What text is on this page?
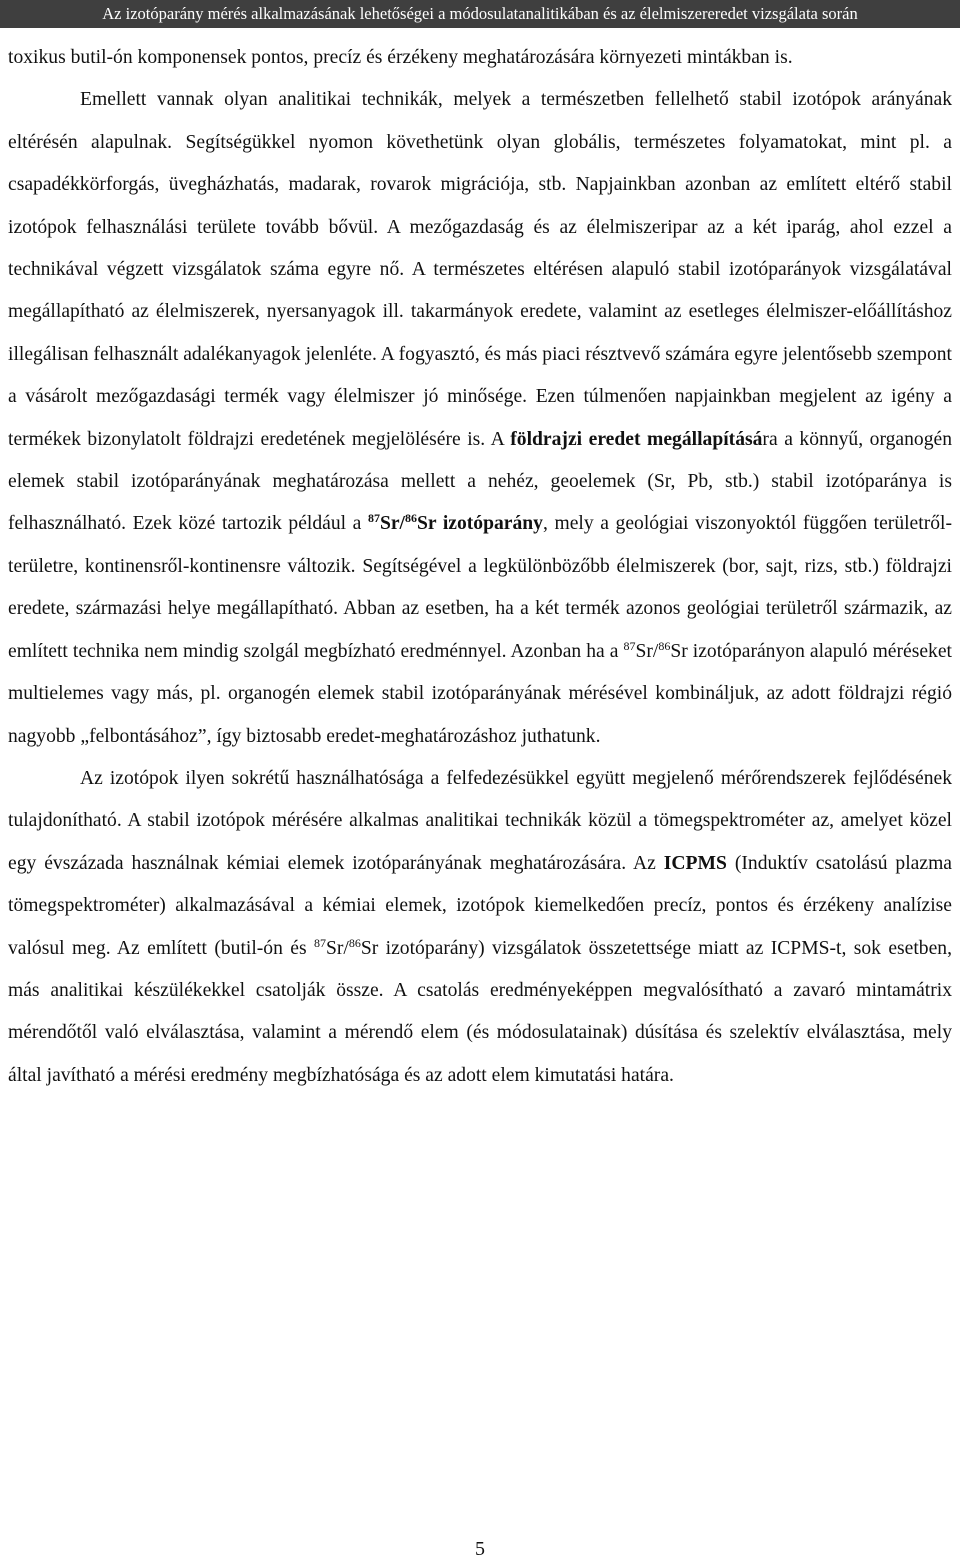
Az izotóparány mérés alkalmazásának lehetőségei a módosulatanalitikában és az élelmiszereredet vizsgálata során

toxikus butil-ón komponensek pontos, precíz és érzékeny meghatározására környezeti mintákban is.

Emellett vannak olyan analitikai technikák, melyek a természetben fellelhető stabil izotópok arányának eltérésén alapulnak. Segítségükkel nyomon követhetünk olyan globális, természetes folyamatokat, mint pl. a csapadékkörforgás, üvegházhatás, madarak, rovarok migrációja, stb. Napjainkban azonban az említett eltérő stabil izotópok felhasználási területe tovább bővül. A mezőgazdaság és az élelmiszeripar az a két iparág, ahol ezzel a technikával végzett vizsgálatok száma egyre nő. A természetes eltérésen alapuló stabil izotóparányok vizsgálatával megállapítható az élelmiszerek, nyersanyagok ill. takarmányok eredete, valamint az esetleges élelmiszer-előállításhoz illegálisan felhasznált adalékanyagok jelenléte. A fogyasztó, és más piaci résztvevő számára egyre jelentősebb szempont a vásárolt mezőgazdasági termék vagy élelmiszer jó minősége. Ezen túlmenően napjainkban megjelent az igény a termékek bizonylatolt földrajzi eredetének megjelölésére is. A földrajzi eredet megállapítására a könnyű, organogén elemek stabil izotóparányának meghatározása mellett a nehéz, geoelemek (Sr, Pb, stb.) stabil izotóparánya is felhasználható. Ezek közé tartozik például a $^{87}$Sr/$^{86}$Sr izotóparány, mely a geológiai viszonyoktól függően területről-területre, kontinensről-kontinensre változik. Segítségével a legkülönbözőbb élelmiszerek (bor, sajt, rizs, stb.) földrajzi eredete, származási helye megállapítható. Abban az esetben, ha a két termék azonos geológiai területről származik, az említett technika nem mindig szolgál megbízható eredménnyel. Azonban ha a $^{87}$Sr/$^{86}$Sr izotóparányon alapuló méréseket multielemes vagy más, pl. organogén elemek stabil izotóparányának mérésével kombináljuk, az adott földrajzi régió nagyobb „felbontásához”, így biztosabb eredet-meghatározáshoz juthatunk.

Az izotópok ilyen sokrétű használhatósága a felfedezésükkel együtt megjelenő mérőrendszerek fejlődésének tulajdonítható. A stabil izotópok mérésére alkalmas analitikai technikák közül a tömegspektrométer az, amelyet közel egy évszázada használnak kémiai elemek izotóparányának meghatározására. Az ICPMS (Induktív csatolású plazma tömegspektrométer) alkalmazásával a kémiai elemek, izotópok kiemelkedően precíz, pontos és érzékeny analízise valósul meg. Az említett (butil-ón és $^{87}$Sr/$^{86}$Sr izotóparány) vizsgálatok összetettsége miatt az ICPMS-t, sok esetben, más analitikai készülékekkel csatolják össze. A csatolás eredményeképpen megvalósítható a zavaró mintamátrix mérendőtől való elválasztása, valamint a mérendő elem (és módosulatainak) dúsítása és szelektív elválasztása, mely által javítható a mérési eredmény megbízhatósága és az adott elem kimutatási határa.

5
